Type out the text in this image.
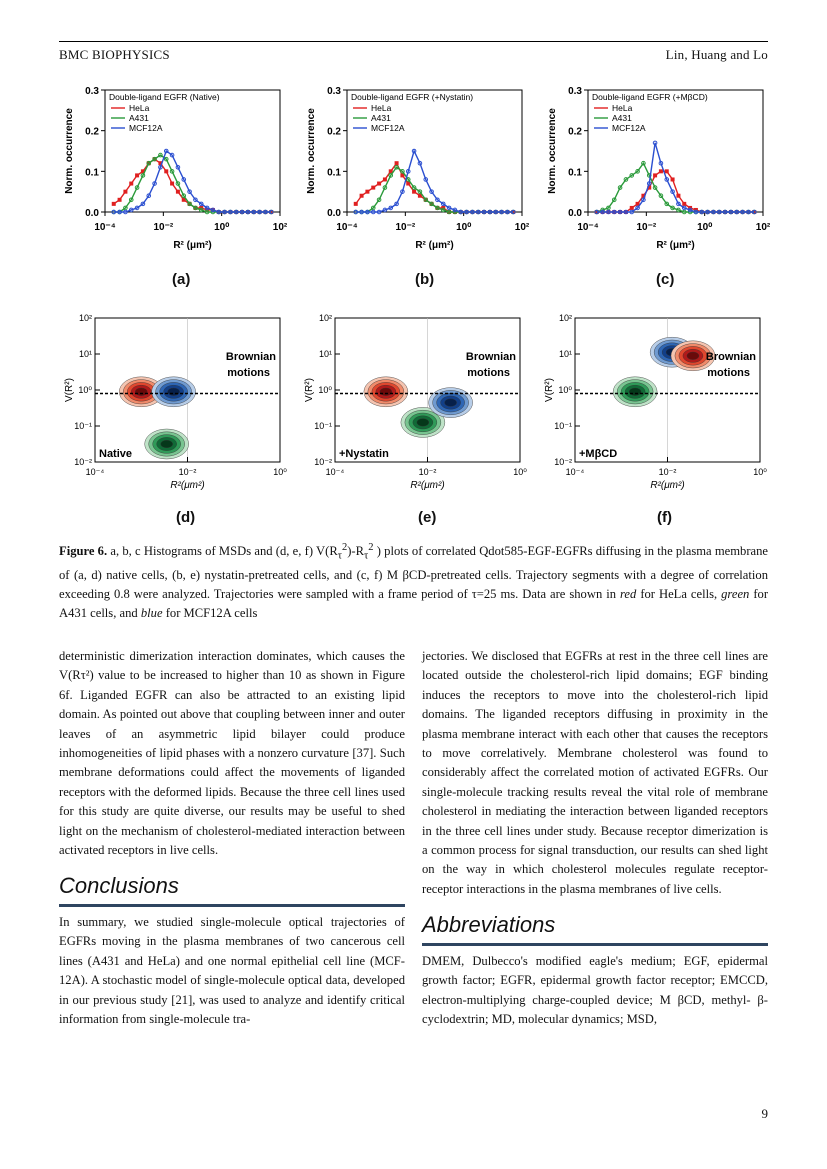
BMC BIOPHYSICS	Lin, Huang and Lo
0.0
0.1
0.2
0.3
10⁻⁴	10⁻²	10⁰	10²
R² (μm²)
Norm. occurrence
Double-ligand EGFR (Native)
HeLa
A431
MCF12A
0.0
0.1
0.2
0.3
10⁻⁴	10⁻²	10⁰	10²
R² (μm²)
Norm. occurrence
Double-ligand EGFR (+Nystatin)
HeLa
A431
MCF12A
0.0
0.1
0.2
0.3
10⁻⁴	10⁻²	10⁰	10²
R² (μm²)
Norm. occurrence
Double-ligand EGFR (+MβCD)
HeLa
A431
MCF12A
(a)	(b)	(c)
10⁻²
10⁻¹
10⁰
10¹
10²
10⁻⁴	10⁻²	10⁰
R²(μm²)
V(R²)
Native
Brownian
motions
10⁻²
10⁻¹
10⁰
10¹
10²
10⁻⁴	10⁻²	10⁰
R²(μm²)
V(R²)
+Nystatin
Brownian
motions
10⁻²
10⁻¹
10⁰
10¹
10²
10⁻⁴	10⁻²	10⁰
R²(μm²)
V(R²)
+MβCD
Brownian
motions
(d)	(e)	(f)
Figure 6. a, b, c Histograms of MSDs and (d, e, f) $V(R_\tau^2)-R_\tau^2$ ) plots of correlated Qdot585-EGF-EGFRs diffusing in the plasma membrane of (a, d) native cells, (b, e) nystatin-pretreated cells, and (c, f) M βCD-pretreated cells. Trajectory segments with a degree of correlation exceeding 0.8 were analyzed. Trajectories were sampled with a frame period of τ=25 ms. Data are shown in red for HeLa cells, green for A431 cells, and blue for MCF12A cells

deterministic dimerization interaction dominates, which causes the V(Rτ²) value to be increased to higher than 10 as shown in Figure 6f. Liganded EGFR can also be attracted to an existing lipid domain. As pointed out above that coupling between inner and outer leaves of an asymmetric lipid bilayer could produce inhomogeneities of lipid phases with a nonzero curvature [37]. Such membrane deformations could affect the movements of liganded receptors with the deformed lipids. Because the three cell lines used for this study are quite diverse, our results may be useful to shed light on the mechanism of cholesterol-mediated interaction between activated receptors in live cells.

Conclusions

In summary, we studied single-molecule optical trajectories of EGFRs moving in the plasma membranes of two cancerous cell lines (A431 and HeLa) and one normal epithelial cell line (MCF-12A). A stochastic model of single-molecule optical data, developed in our previous study [21], was used to analyze and identify critical information from single-molecule tra-

jectories. We disclosed that EGFRs at rest in the three cell lines are located outside the cholesterol-rich lipid domains; EGF binding induces the receptors to move into the cholesterol-rich lipid domains. The liganded receptors diffusing in proximity in the plasma membrane interact with each other that causes the receptors to move correlatively. Membrane cholesterol was found to considerably affect the correlated motion of activated EGFRs. Our single-molecule tracking results reveal the vital role of membrane cholesterol in mediating the interaction between liganded receptors in the three cell lines under study. Because receptor dimerization is a common process for signal transduction, our results can shed light on the way in which cholesterol molecules regulate receptor-receptor interactions in the plasma membranes of live cells.

Abbreviations

DMEM, Dulbecco's modified eagle's medium; EGF, epidermal growth factor; EGFR, epidermal growth factor receptor; EMCCD, electron-multiplying charge-coupled device; M βCD, methyl- β-cyclodextrin; MD, molecular dynamics; MSD,

9
